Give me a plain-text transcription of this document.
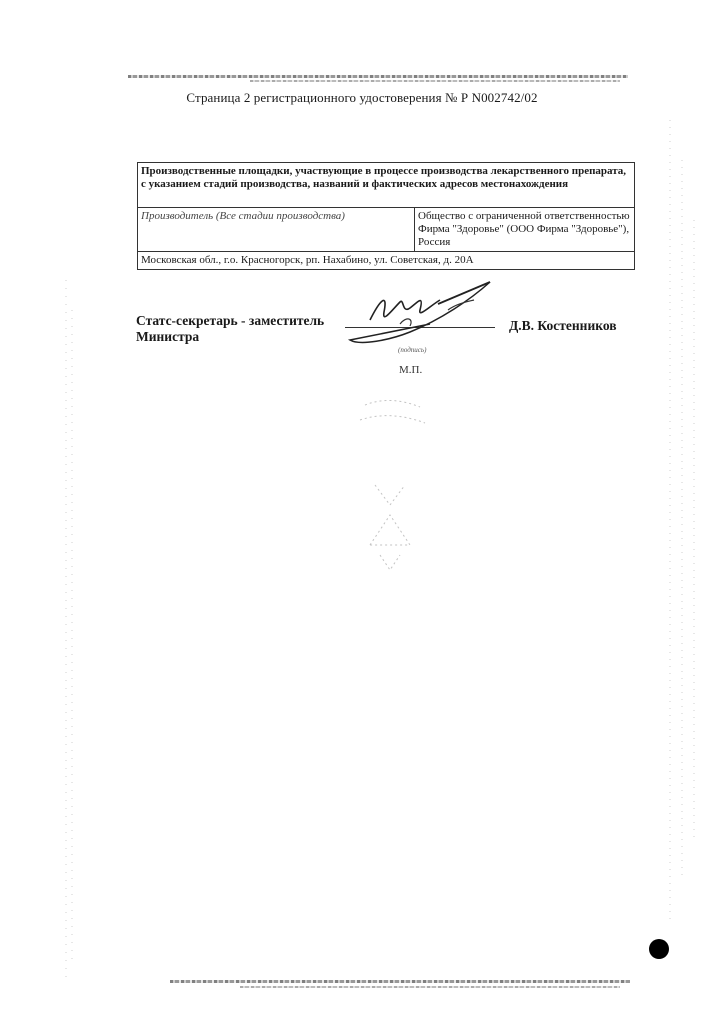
Страница 2 регистрационного удостоверения № Р N002742/02
Производственные площадки, участвующие в процессе производства лекарственного препарата, с указанием стадий производства, названий и фактических адресов местонахождения
Производитель (Все стадии производства)	Общество с ограниченной ответственностью Фирма "Здоровье" (ООО Фирма "Здоровье"), Россия
Московская обл., г.о. Красногорск, рп. Нахабино, ул. Советская, д. 20А
Статс-секретарь - заместитель
Министра
Д.В. Костенников
(подпись)
М.П.
